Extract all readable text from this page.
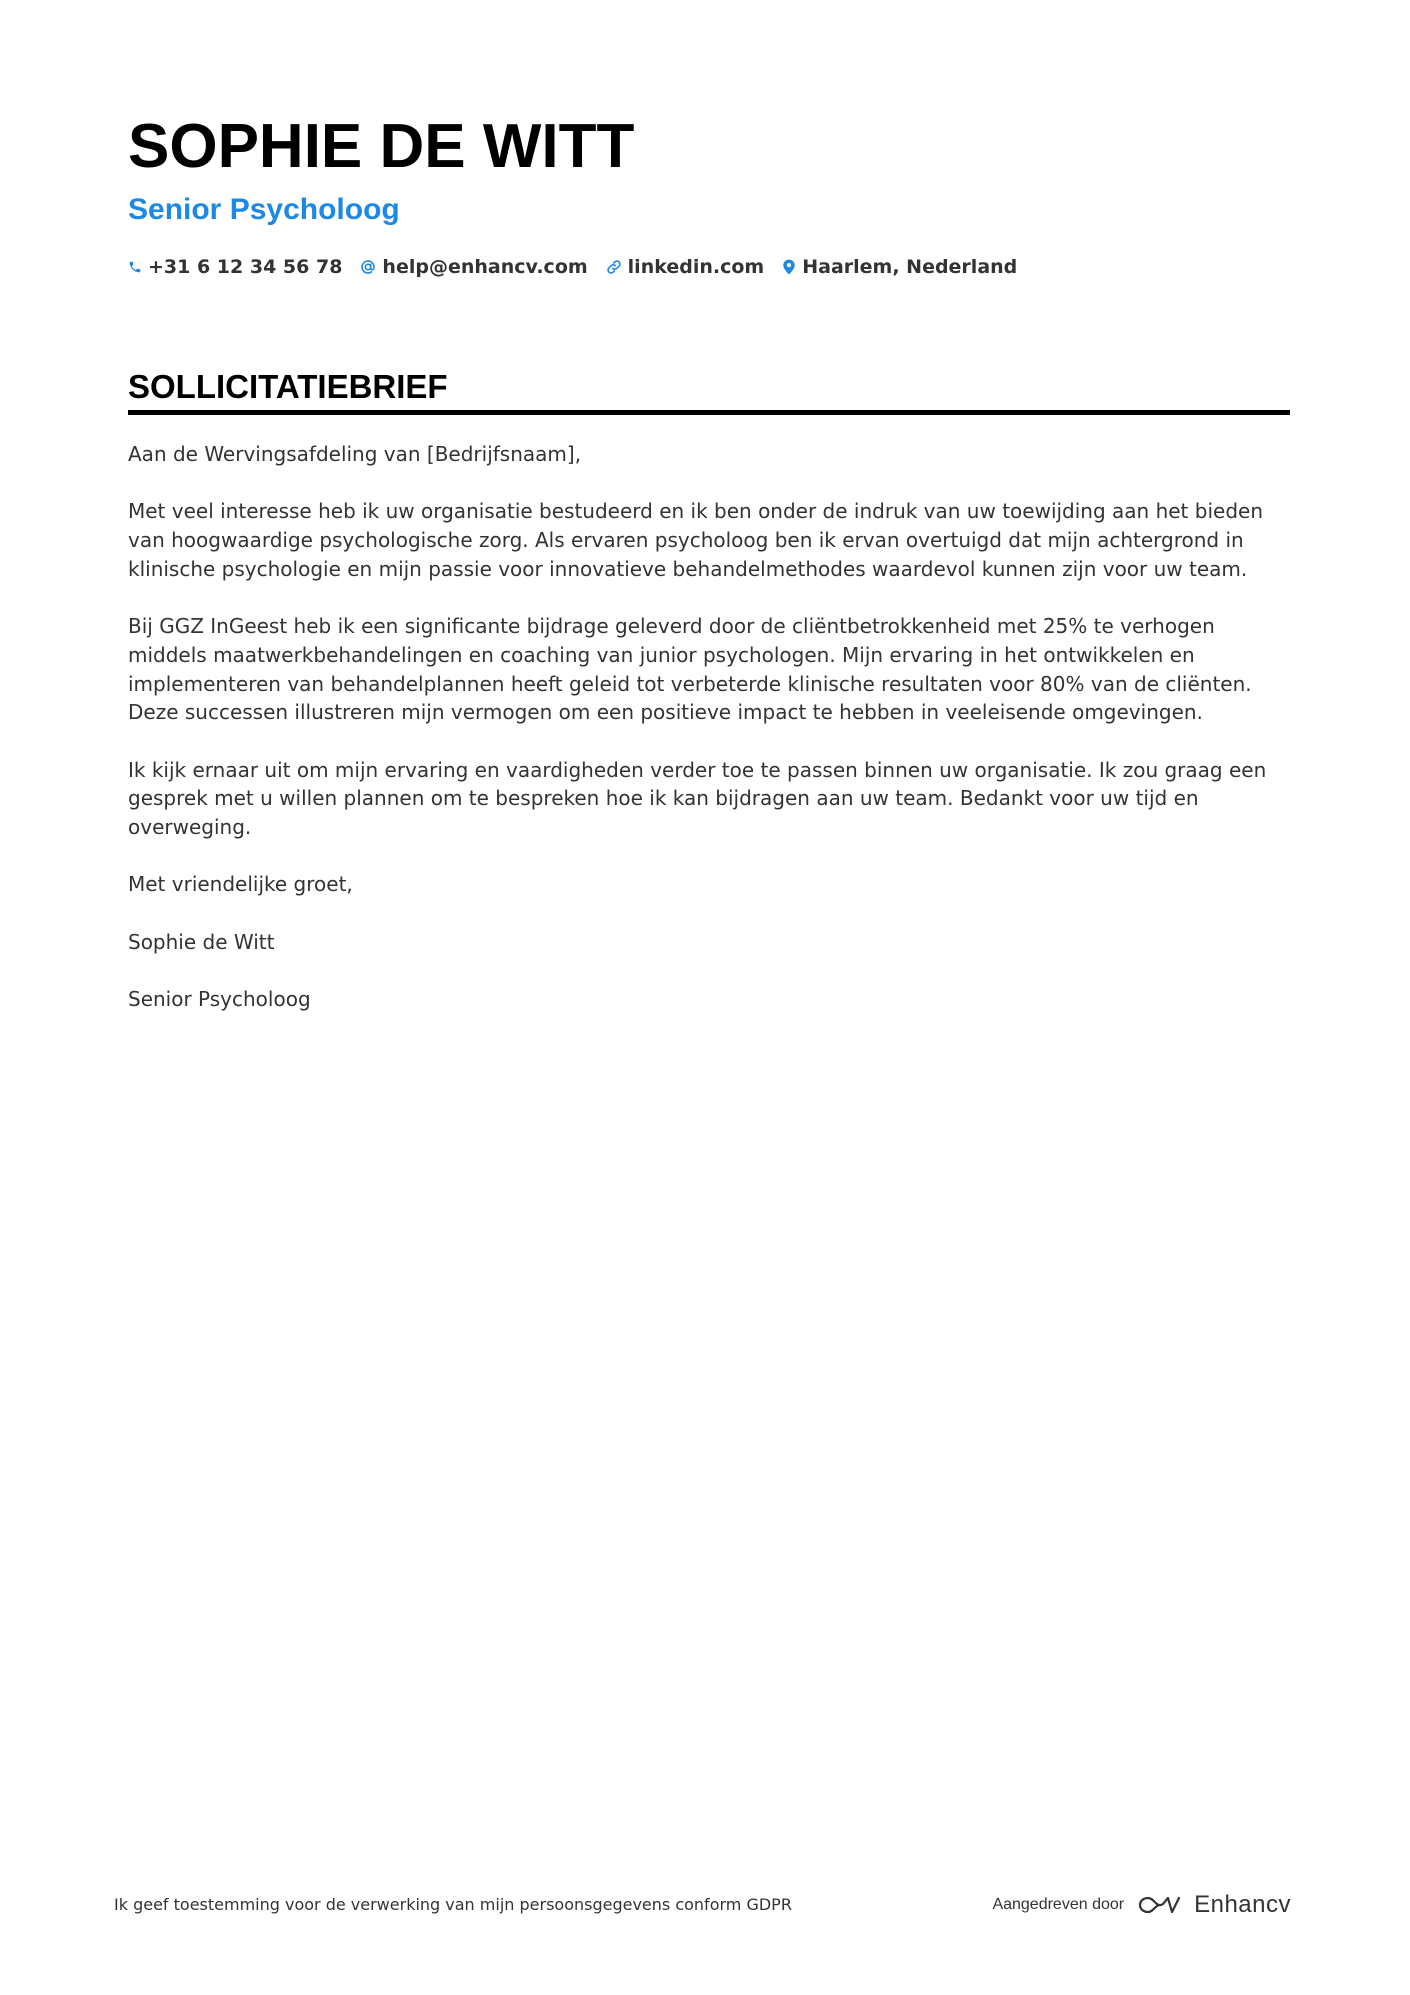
SOPHIE DE WITT
Senior Psycholoog
+31 6 12 34 56 78 help@enhancv.com linkedin.com Haarlem, Nederland
SOLLICITATIEBRIEF

Aan de Wervingsafdeling van [Bedrijfsnaam],

Met veel interesse heb ik uw organisatie bestudeerd en ik ben onder de indruk van uw toewijding aan het bieden van hoogwaardige psychologische zorg. Als ervaren psycholoog ben ik ervan overtuigd dat mijn achtergrond in klinische psychologie en mijn passie voor innovatieve behandelmethodes waardevol kunnen zijn voor uw team.

Bij GGZ InGeest heb ik een significante bijdrage geleverd door de cliëntbetrokkenheid met 25% te verhogen middels maatwerkbehandelingen en coaching van junior psychologen. Mijn ervaring in het ontwikkelen en implementeren van behandelplannen heeft geleid tot verbeterde klinische resultaten voor 80% van de cliënten. Deze successen illustreren mijn vermogen om een positieve impact te hebben in veeleisende omgevingen.

Ik kijk ernaar uit om mijn ervaring en vaardigheden verder toe te passen binnen uw organisatie. Ik zou graag een gesprek met u willen plannen om te bespreken hoe ik kan bijdragen aan uw team. Bedankt voor uw tijd en overweging.

Met vriendelijke groet,

Sophie de Witt

Senior Psycholoog

Ik geef toestemming voor de verwerking van mijn persoonsgegevens conform GDPR	Aangedreven door	Enhancv
